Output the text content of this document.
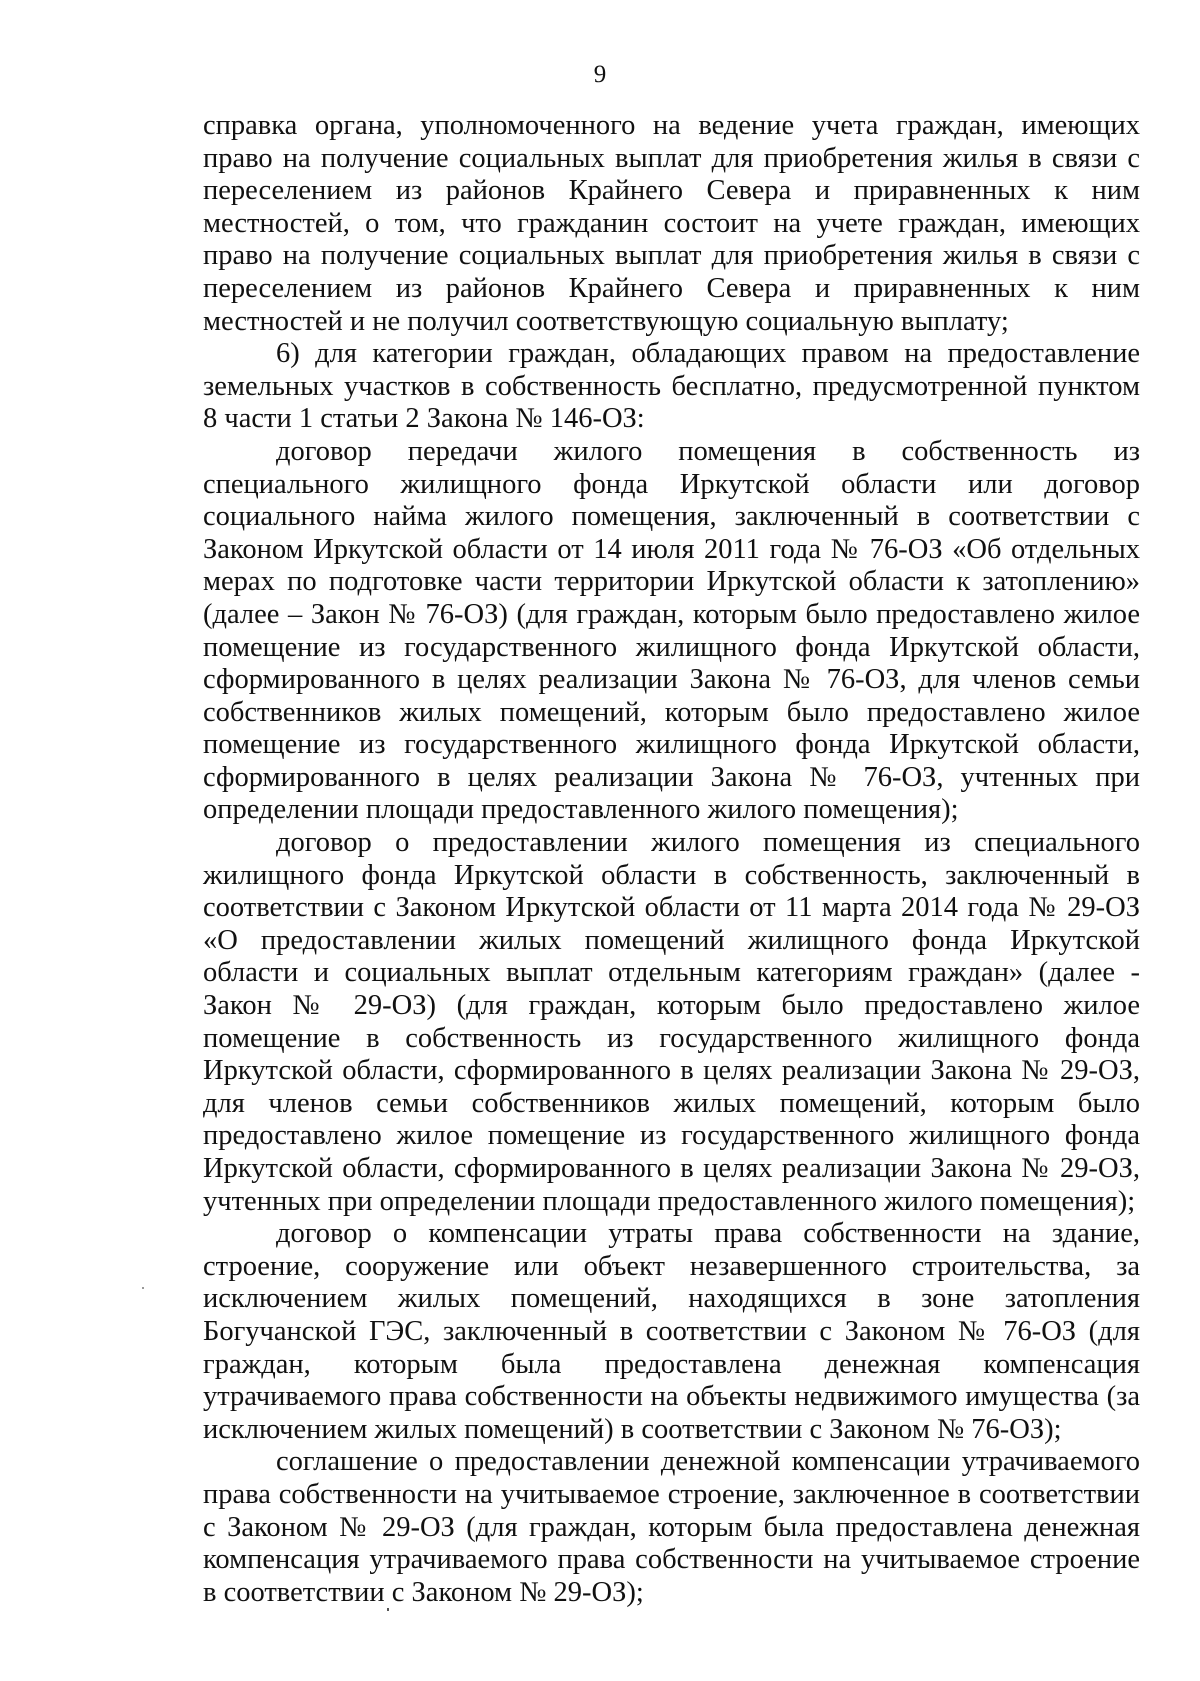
9

справка органа, уполномоченного на ведение учета граждан, имеющих право на получение социальных выплат для приобретения жилья в связи с переселением из районов Крайнего Севера и приравненных к ним местностей, о том, что гражданин состоит на учете граждан, имеющих право на получение социальных выплат для приобретения жилья в связи с переселением из районов Крайнего Севера и приравненных к ним местностей и не получил соответствующую социальную выплату;

6) для категории граждан, обладающих правом на предоставление земельных участков в собственность бесплатно, предусмотренной пунктом 8 части 1 статьи 2 Закона № 146-ОЗ:

договор передачи жилого помещения в собственность из специального жилищного фонда Иркутской области или договор социального найма жилого помещения, заключенный в соответствии с Законом Иркутской области от 14 июля 2011 года № 76-ОЗ «Об отдельных мерах по подготовке части территории Иркутской области к затоплению» (далее – Закон № 76-ОЗ) (для граждан, которым было предоставлено жилое помещение из государственного жилищного фонда Иркутской области, сформированного в целях реализации Закона № 76-ОЗ, для членов семьи собственников жилых помещений, которым было предоставлено жилое помещение из государственного жилищного фонда Иркутской области, сформированного в целях реализации Закона № 76-ОЗ, учтенных при определении площади предоставленного жилого помещения);

договор о предоставлении жилого помещения из специального жилищного фонда Иркутской области в собственность, заключенный в соответствии с Законом Иркутской области от 11 марта 2014 года № 29-ОЗ «О предоставлении жилых помещений жилищного фонда Иркутской области и социальных выплат отдельным категориям граждан» (далее - Закон № 29-ОЗ) (для граждан, которым было предоставлено жилое помещение в собственность из государственного жилищного фонда Иркутской области, сформированного в целях реализации Закона № 29-ОЗ, для членов семьи собственников жилых помещений, которым было предоставлено жилое помещение из государственного жилищного фонда Иркутской области, сформированного в целях реализации Закона № 29-ОЗ, учтенных при определении площади предоставленного жилого помещения);

договор о компенсации утраты права собственности на здание, строение, сооружение или объект незавершенного строительства, за исключением жилых помещений, находящихся в зоне затопления Богучанской ГЭС, заключенный в соответствии с Законом № 76-ОЗ (для граждан, которым была предоставлена денежная компенсация утрачиваемого права собственности на объекты недвижимого имущества (за исключением жилых помещений) в соответствии с Законом № 76-ОЗ);

соглашение о предоставлении денежной компенсации утрачиваемого права собственности на учитываемое строение, заключенное в соответствии с Законом № 29-ОЗ (для граждан, которым была предоставлена денежная компенсация утрачиваемого права собственности на учитываемое строение в соответствии с Законом № 29-ОЗ);
